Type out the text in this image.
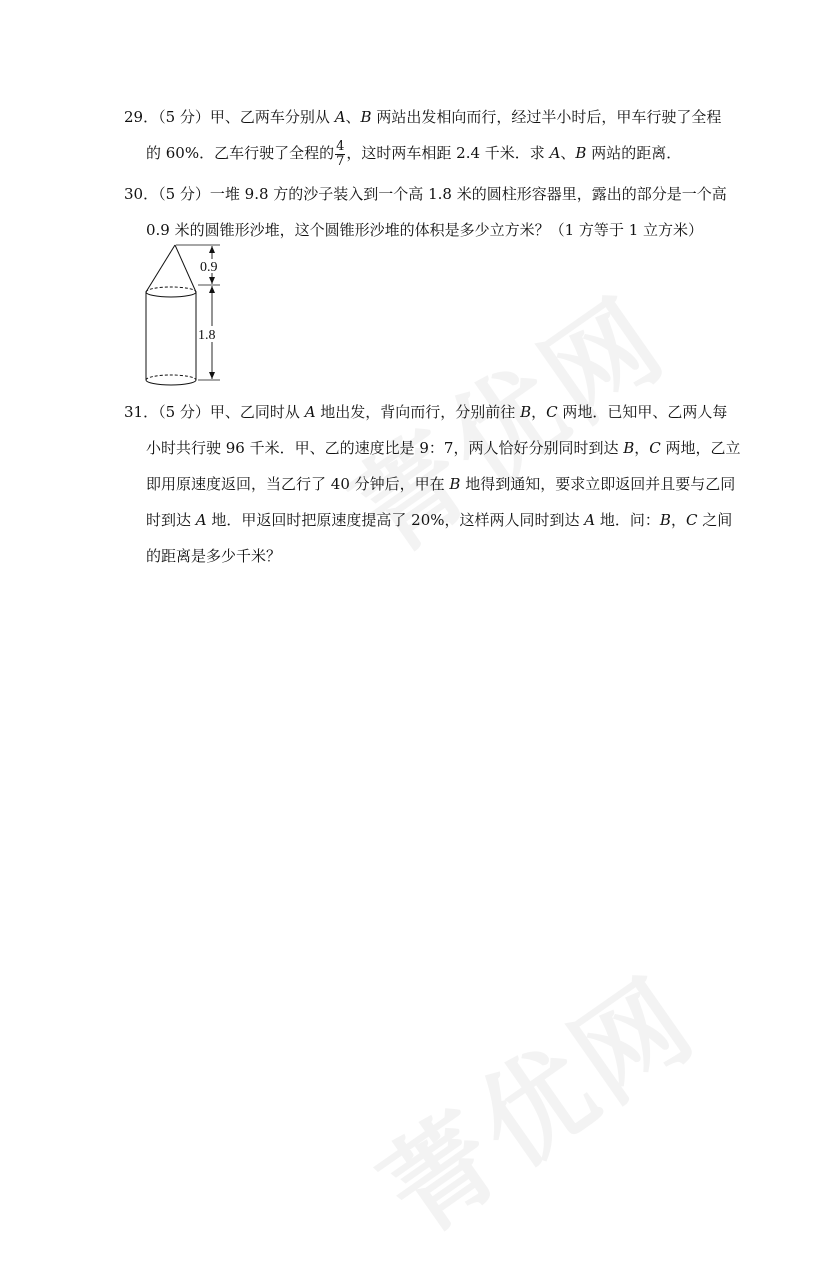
29．（5 分）甲、乙两车分别从 A、B 两站出发相向而行，经过半小时后，甲车行驶了全程
的 60%．乙车行驶了全程的 $\frac{4}{7}$ ，这时两车相距 2.4 千米．求 A、B 两站的距离．
30．（5 分）一堆 9.8 方的沙子装入到一个高 1.8 米的圆柱形容器里，露出的部分是一个高
0.9 米的圆锥形沙堆，这个圆锥形沙堆的体积是多少立方米？（1 方等于 1 立方米）
0.9
1.8
31．（5 分）甲、乙同时从 A 地出发，背向而行，分别前往 B，C 两地．已知甲、乙两人每
小时共行驶 96 千米．甲、乙的速度比是 9：7，两人恰好分别同时到达 B，C 两地，乙立
即用原速度返回，当乙行了 40 分钟后，甲在 B 地得到通知，要求立即返回并且要与乙同
时到达 A 地．甲返回时把原速度提高了 20%，这样两人同时到达 A 地．问：B，C 之间
的距离是多少千米？
